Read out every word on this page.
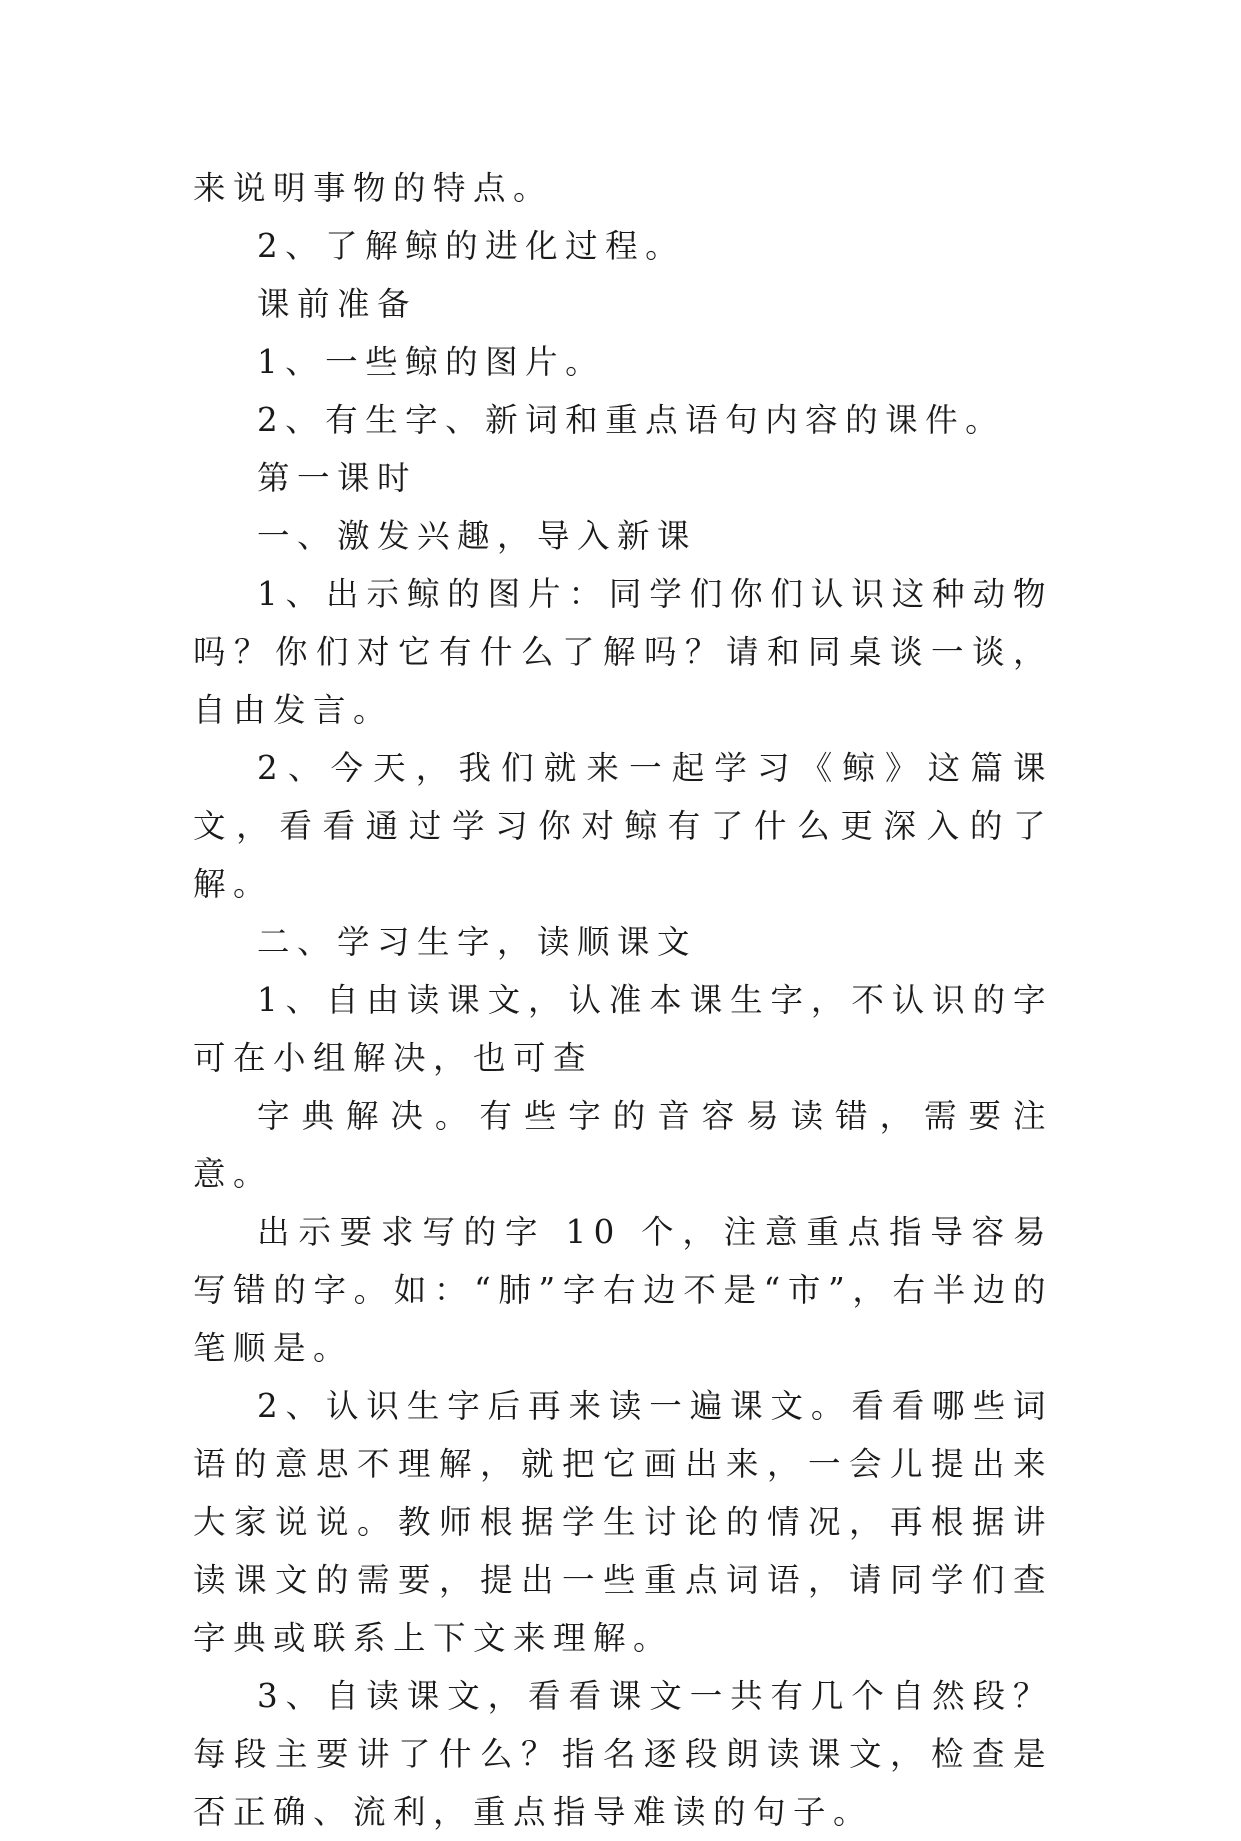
来说明事物的特点。

2、了解鲸的进化过程。

课前准备

1、一些鲸的图片。

2、有生字、新词和重点语句内容的课件。

第一课时

一、激发兴趣，导入新课

1、出示鲸的图片：同学们你们认识这种动物吗？你们对它有什么了解吗？请和同桌谈一谈，自由发言。

2、今天，我们就来一起学习《鲸》这篇课文，看看通过学习你对鲸有了什么更深入的了解。

二、学习生字，读顺课文

1、自由读课文，认准本课生字，不认识的字可在小组解决，也可查

字典解决。有些字的音容易读错，需要注意。

出示要求写的字 10 个，注意重点指导容易写错的字。如：“肺”字右边不是“市”，右半边的笔顺是。

2、认识生字后再来读一遍课文。看看哪些词语的意思不理解，就把它画出来，一会儿提出来大家说说。教师根据学生讨论的情况，再根据讲读课文的需要，提出一些重点词语，请同学们查字典或联系上下文来理解。

3、自读课文，看看课文一共有几个自然段？每段主要讲了什么？指名逐段朗读课文，检查是否正确、流利，重点指导难读的句子。
